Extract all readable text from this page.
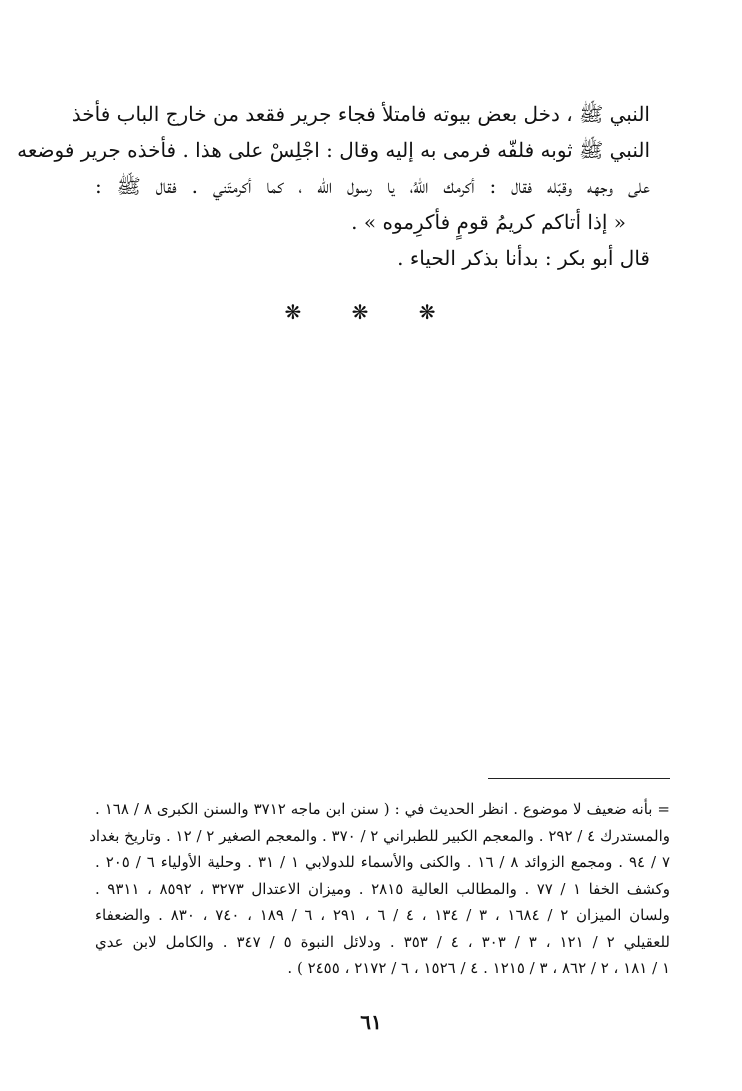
النبي ﷺ ، دخل بعض بيوته فامتلأ فجاء جرير فقعد من خارج الباب فأخذ
النبي ﷺ ثوبه فلفّه فرمى به إليه وقال : اجْلِسْ على هذا . فأخذه جرير فوضعه
على وجهه وقبّله فقال : أكرمك اللّهُ، يا رسول الله ، كما أكرمتَني . فقال ﷺ :
« إذا أتاكم كريمُ قومٍ فأكرِموه » .
قال أبو بكر : بدأنا بذكر الحياء .
❋ ❋ ❋
= بأنه ضعيف لا موضوع . انظر الحديث في : ( سنن ابن ماجه ٣٧١٢ والسنن الكبرى ٨ / ١٦٨ .
والمستدرك ٤ / ٢٩٢ . والمعجم الكبير للطبراني ٢ / ٣٧٠ . والمعجم الصغير ٢ / ١٢ . وتاريخ بغداد
٧ / ٩٤ . ومجمع الزوائد ٨ / ١٦ . والكنى والأسماء للدولابي ١ / ٣١ . وحلية الأولياء ٦ / ٢٠٥ .
وكشف الخفا ١ / ٧٧ . والمطالب العالية ٢٨١٥ . وميزان الاعتدال ٣٢٧٣ ، ٨٥٩٢ ، ٩٣١١ .
ولسان الميزان ٢ / ١٦٨٤ ، ٣ / ١٣٤ ، ٤ / ٦ ، ٢٩١ ، ٦ / ١٨٩ ، ٧٤٠ ، ٨٣٠ . والضعفاء
للعقيلي ٢ / ١٢١ ، ٣ / ٣٠٣ ، ٤ / ٣٥٣ . ودلائل النبوة ٥ / ٣٤٧ . والكامل لابن عدي
١ / ١٨١ ، ٢ / ٨٦٢ ، ٣ / ١٢١٥ . ٤ / ١٥٢٦ ، ٦ / ٢١٧٢ ، ٢٤٥٥ ) .
٦١
